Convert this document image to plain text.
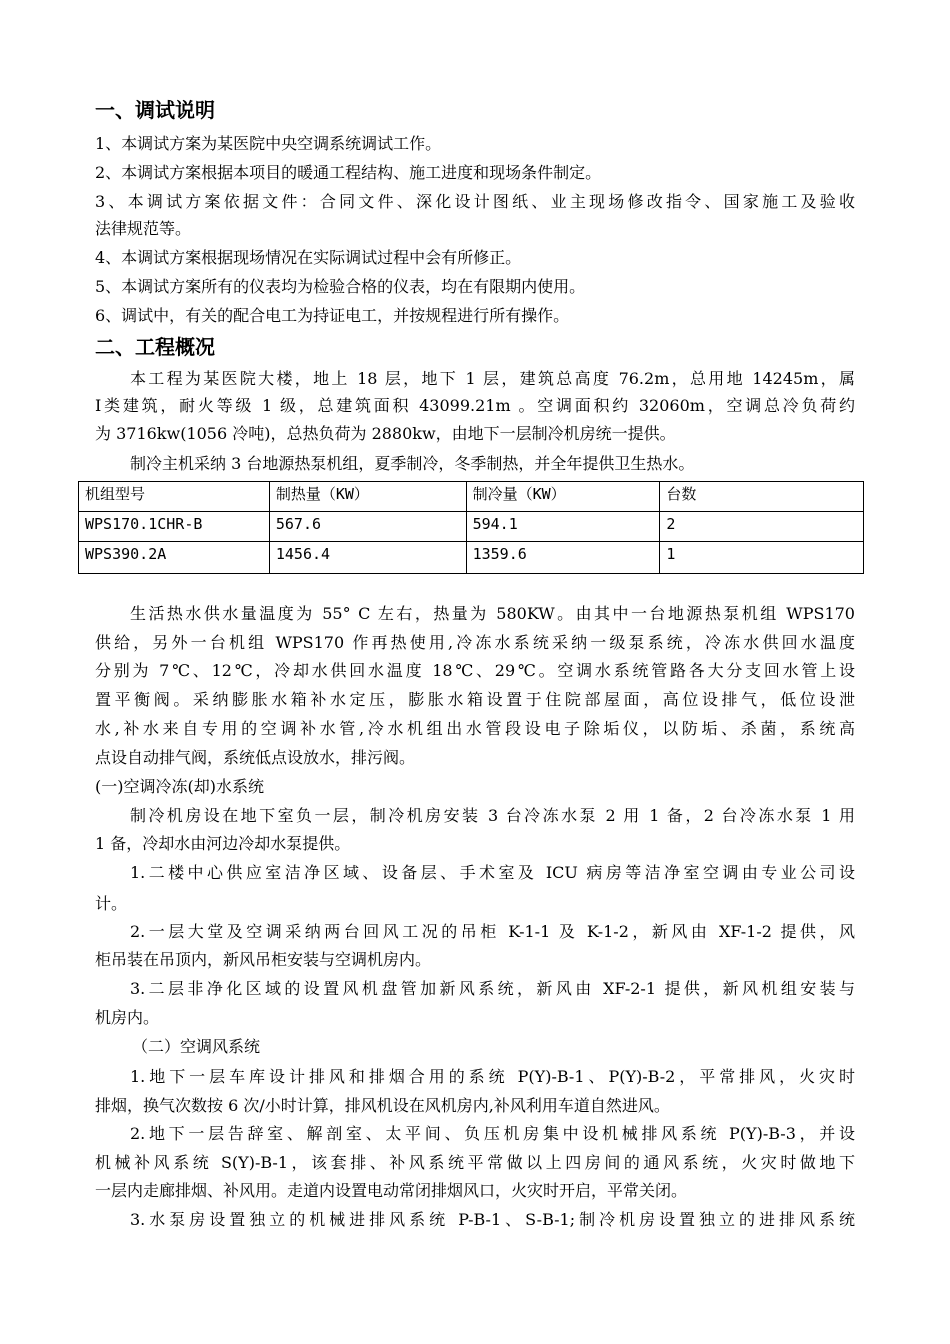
一、调试说明
1、本调试方案为某医院中央空调系统调试工作。
2、本调试方案根据本项目的暖通工程结构、施工进度和现场条件制定。
3、本调试方案依据文件：合同文件、深化设计图纸、业主现场修改指令、国家施工及验收
法律规范等。
4、本调试方案根据现场情况在实际调试过程中会有所修正。
5、本调试方案所有的仪表均为检验合格的仪表，均在有限期内使用。
6、调试中，有关的配合电工为持证电工，并按规程进行所有操作。
二、工程概况
本工程为某医院大楼，地上 18 层，地下 1 层，建筑总高度 76.2m，总用地 14245m，属
Ⅰ类建筑，耐火等级 1 级，总建筑面积 43099.21m 。空调面积约 32060m，空调总冷负荷约
为 3716kw(1056 冷吨)，总热负荷为 2880kw，由地下一层制冷机房统一提供。
制冷主机采纳 3 台地源热泵机组，夏季制冷，冬季制热，并全年提供卫生热水。
机组型号	制热量（KW）	制冷量（KW）	台数
WPS170.1CHR-B	567.6	594.1	2
WPS390.2A	1456.4	1359.6	1
生活热水供水量温度为 55° C 左右，热量为 580KW。由其中一台地源热泵机组 WPS170
供给，另外一台机组 WPS170 作再热使用,冷冻水系统采纳一级泵系统，冷冻水供回水温度
分别为 7℃、12℃，冷却水供回水温度 18℃、29℃。空调水系统管路各大分支回水管上设
置平衡阀。采纳膨胀水箱补水定压，膨胀水箱设置于住院部屋面，高位设排气，低位设泄
水,补水来自专用的空调补水管,冷水机组出水管段设电子除垢仪，以防垢、杀菌，系统高
点设自动排气阀，系统低点设放水，排污阀。
(一)空调冷冻(却)水系统
制冷机房设在地下室负一层，制冷机房安装 3 台冷冻水泵 2 用 1 备，2 台冷冻水泵 1 用
1 备，冷却水由河边冷却水泵提供。
1.二楼中心供应室洁净区域、设备层、手术室及 ICU 病房等洁净室空调由专业公司设
计。
2.一层大堂及空调采纳两台回风工况的吊柜 K-1-1 及 K-1-2，新风由 XF-1-2 提供，风
柜吊装在吊顶内，新风吊柜安装与空调机房内。
3.二层非净化区域的设置风机盘管加新风系统，新风由 XF-2-1 提供，新风机组安装与
机房内。
（二）空调风系统
1.地下一层车库设计排风和排烟合用的系统 P(Y)-B-1、P(Y)-B-2，平常排风，火灾时
排烟，换气次数按 6 次/小时计算，排风机设在风机房内,补风利用车道自然进风。
2.地下一层告辞室、解剖室、太平间、负压机房集中设机械排风系统 P(Y)-B-3，并设
机械补风系统 S(Y)-B-1，该套排、补风系统平常做以上四房间的通风系统，火灾时做地下
一层内走廊排烟、补风用。走道内设置电动常闭排烟风口，火灾时开启，平常关闭。
3.水泵房设置独立的机械进排风系统 P-B-1、S-B-1;制冷机房设置独立的进排风系统
